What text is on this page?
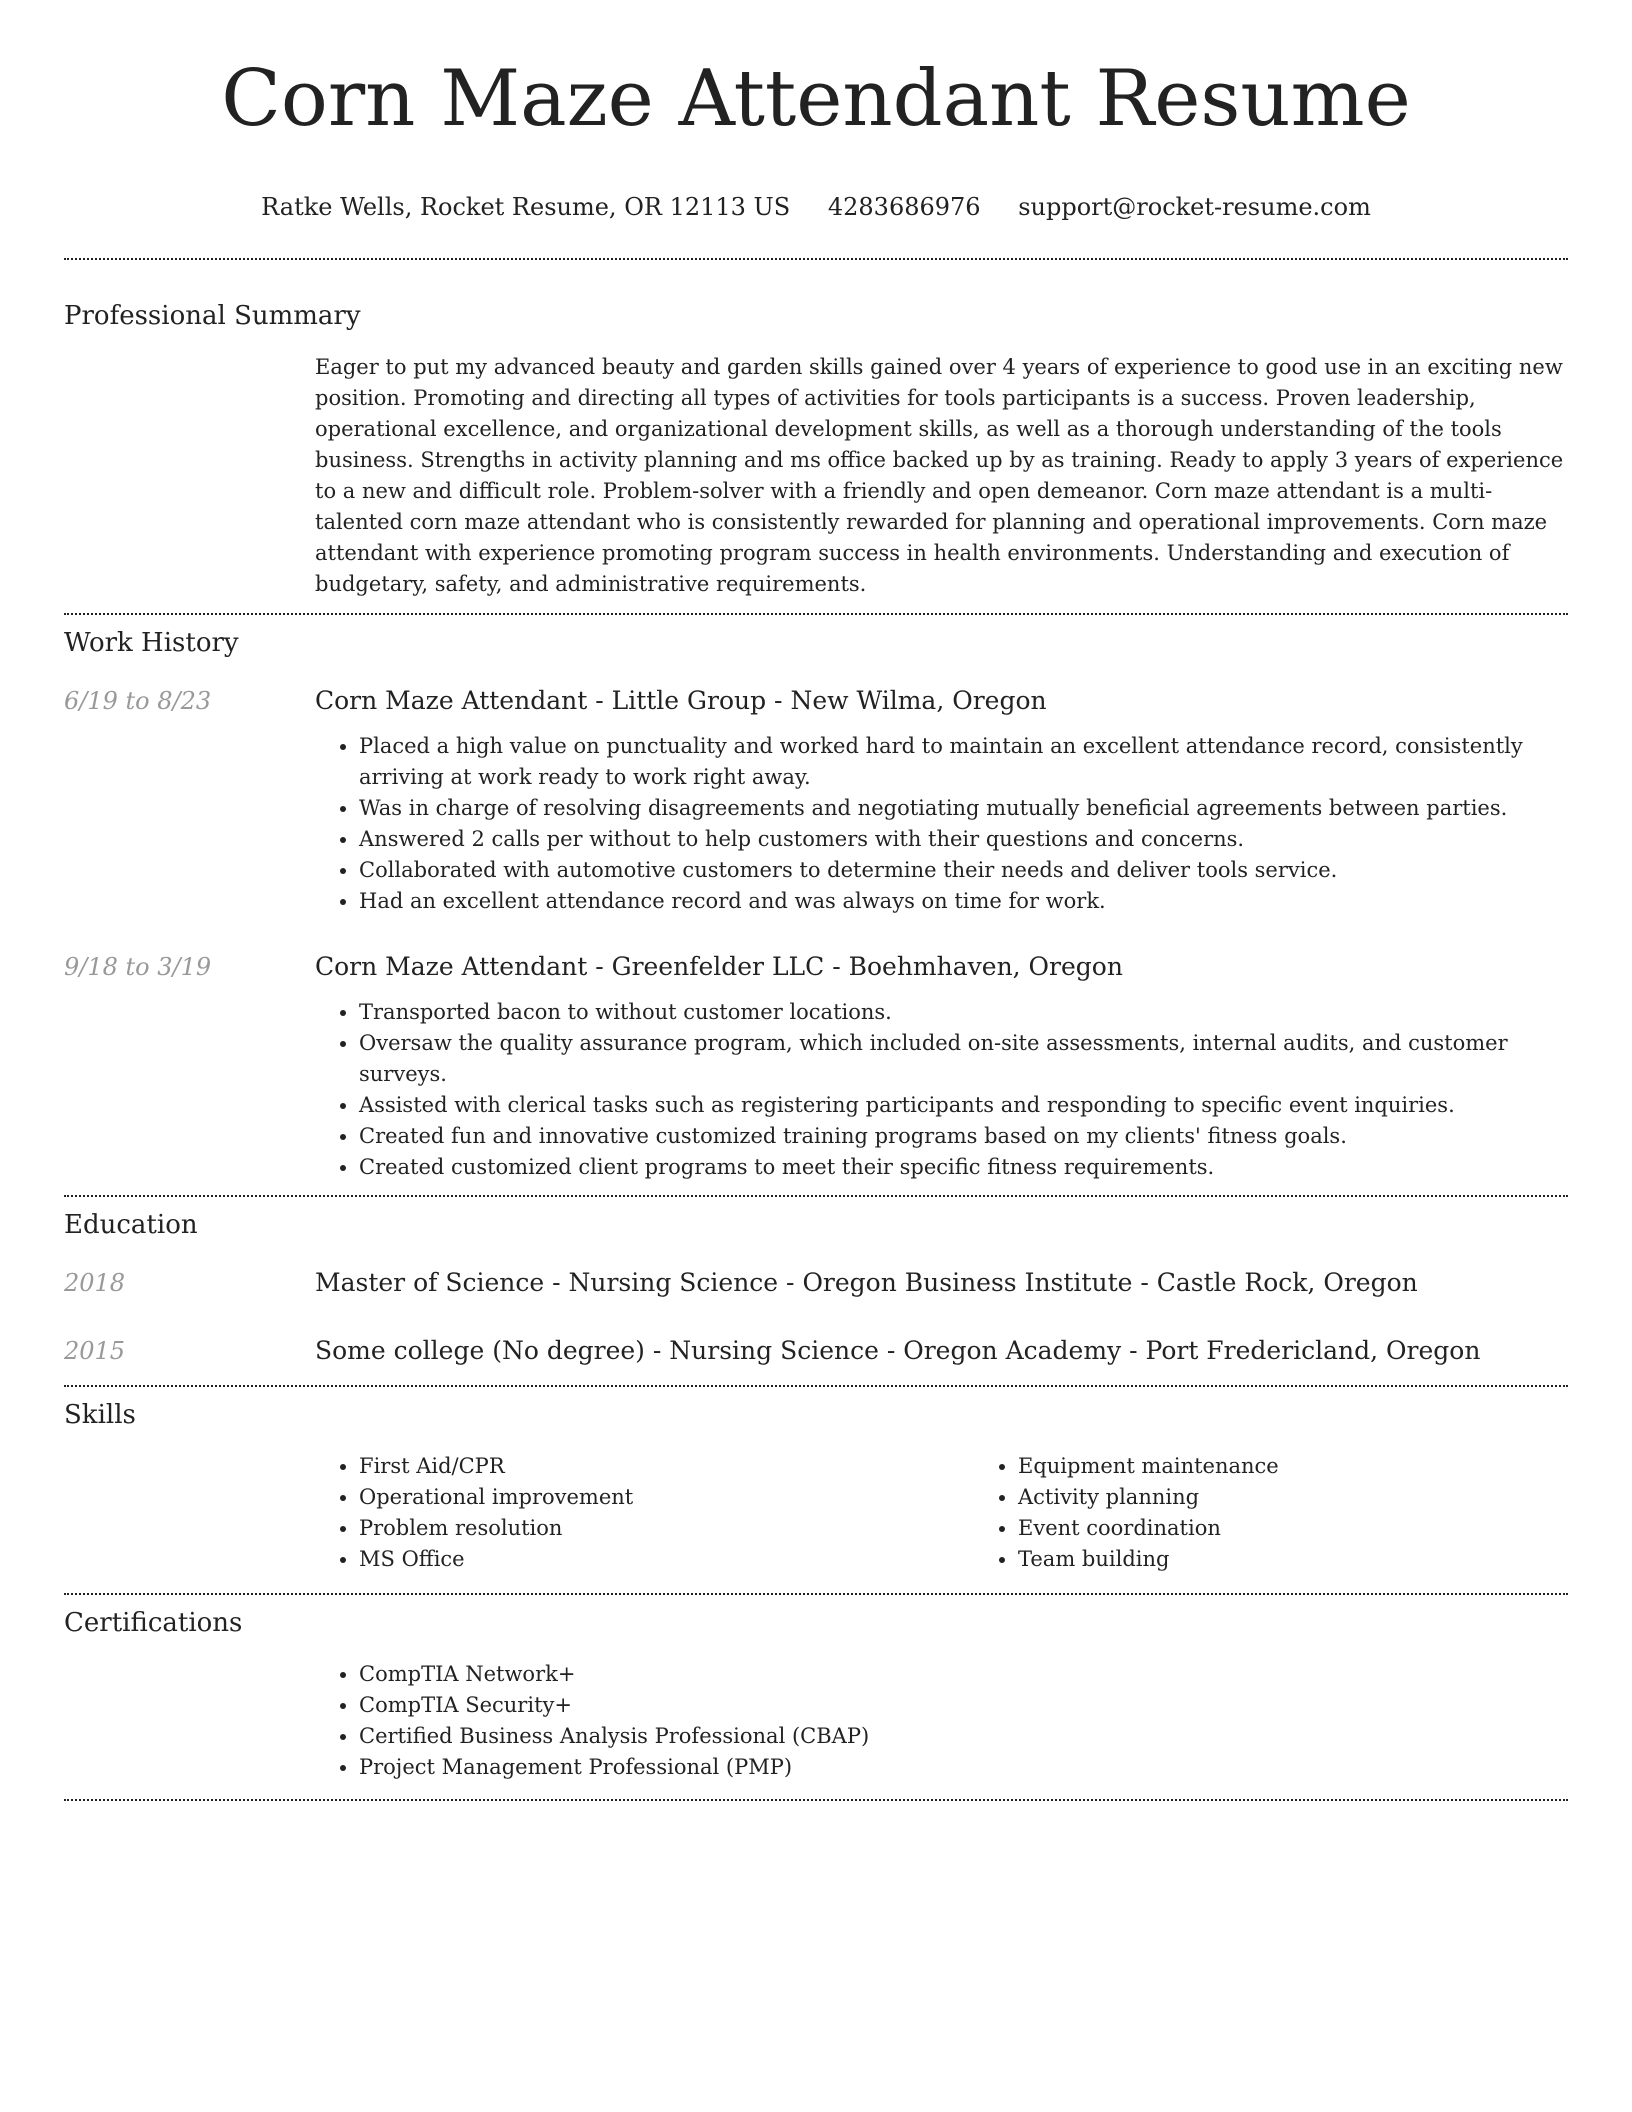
Corn Maze Attendant Resume
Ratke Wells, Rocket Resume, OR 12113 US 4283686976 support@rocket-resume.com
Professional Summary
Eager to put my advanced beauty and garden skills gained over 4 years of experience to good use in an exciting new position. Promoting and directing all types of activities for tools participants is a success. Proven leadership, operational excellence, and organizational development skills, as well as a thorough understanding of the tools business. Strengths in activity planning and ms office backed up by as training. Ready to apply 3 years of experience to a new and difficult role. Problem-solver with a friendly and open demeanor. Corn maze attendant is a multi-talented corn maze attendant who is consistently rewarded for planning and operational improvements. Corn maze attendant with experience promoting program success in health environments. Understanding and execution of budgetary, safety, and administrative requirements.
Work History
6/19 to 8/23	Corn Maze Attendant - Little Group - New Wilma, Oregon
• Placed a high value on punctuality and worked hard to maintain an excellent attendance record, consistently arriving at work ready to work right away.
• Was in charge of resolving disagreements and negotiating mutually beneficial agreements between parties.
• Answered 2 calls per without to help customers with their questions and concerns.
• Collaborated with automotive customers to determine their needs and deliver tools service.
• Had an excellent attendance record and was always on time for work.
9/18 to 3/19	Corn Maze Attendant - Greenfelder LLC - Boehmhaven, Oregon
• Transported bacon to without customer locations.
• Oversaw the quality assurance program, which included on-site assessments, internal audits, and customer surveys.
• Assisted with clerical tasks such as registering participants and responding to specific event inquiries.
• Created fun and innovative customized training programs based on my clients' fitness goals.
• Created customized client programs to meet their specific fitness requirements.
Education
2018	Master of Science - Nursing Science - Oregon Business Institute - Castle Rock, Oregon
2015	Some college (No degree) - Nursing Science - Oregon Academy - Port Fredericland, Oregon
Skills
• First Aid/CPR
• Operational improvement
• Problem resolution
• MS Office
• Equipment maintenance
• Activity planning
• Event coordination
• Team building
Certifications
• CompTIA Network+
• CompTIA Security+
• Certified Business Analysis Professional (CBAP)
• Project Management Professional (PMP)
